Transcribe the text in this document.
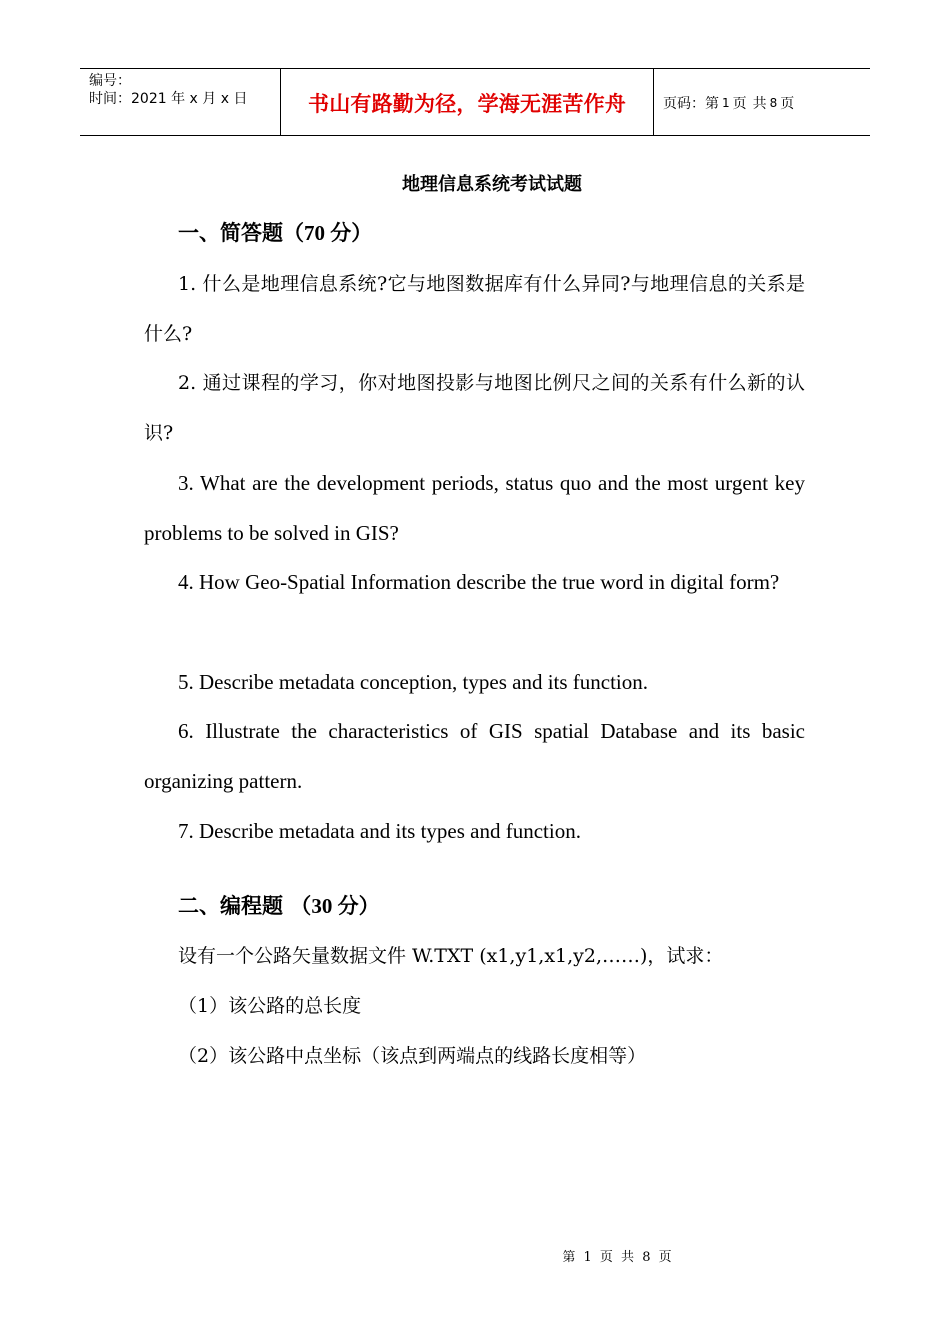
编号：
时间：2021 年 x 月 x 日	书山有路勤为径，学海无涯苦作舟	页码：第 1 页 共 8 页
地理信息系统考试试题
一、简答题（70 分）
1. 什么是地理信息系统?它与地图数据库有什么异同?与地理信息的关系是什么?
2. 通过课程的学习，你对地图投影与地图比例尺之间的关系有什么新的认识?
3. What are the development periods, status quo and the most urgent key problems to be solved in GIS?
4. How Geo-Spatial Information describe the true word in digital form?
5. Describe metadata conception, types and its function.
6. Illustrate the characteristics of GIS spatial Database and its basic organizing pattern.
7. Describe metadata and its types and function.
二、编程题 （30 分）
设有一个公路矢量数据文件 W.TXT (x1,y1,x1,y2,……)，试求：
（1）该公路的总长度
（2）该公路中点坐标（该点到两端点的线路长度相等）
第 1 页 共 8 页
